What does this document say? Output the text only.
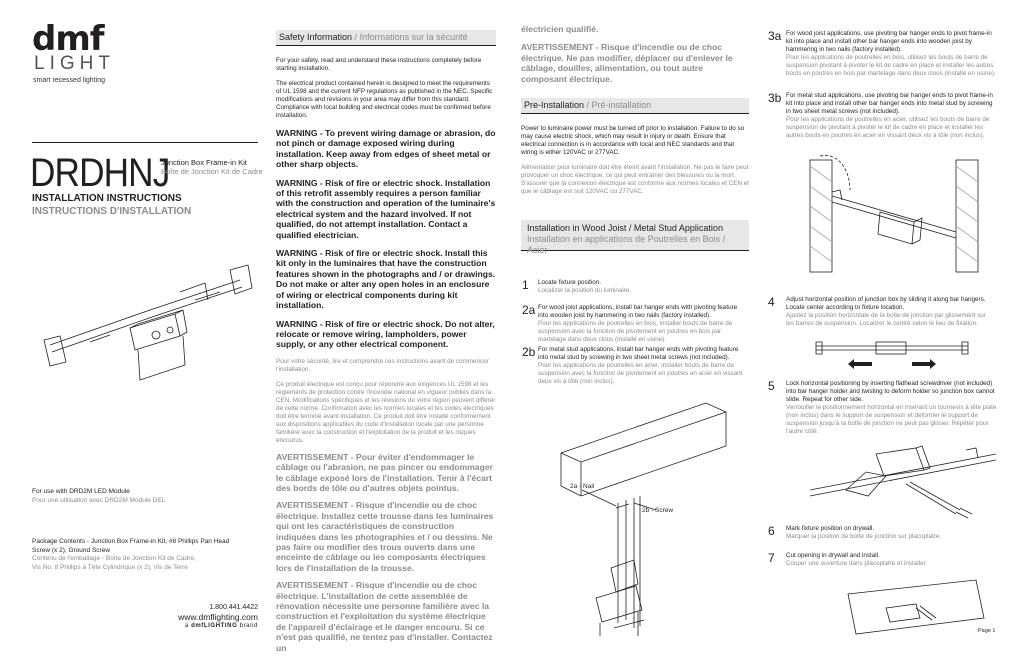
dmf
LIGHT
smart recessed lighting
DRDHNJ
Junction Box Frame-in Kit
Boîte de Jonction Kit de Cadre
INSTALLATION INSTRUCTIONS
INSTRUCTIONS D'INSTALLATION
For use with DRD2M LED Module
Pour une utilisation avec DRD2M Module DEL
Package Contents - Junction Box Frame-in Kit, #8 Phillips Pan Head
Screw (x 2), Ground Screw
Contenu de l'emballage - Boîte de Jonction Kit de Cadre,
Vis No. 8 Phillips à Tête Cylindrique (x 2), Vis de Terre
1.800.441.4422
www.dmflighting.com
a dmfLIGHTING brand
Safety Information / Informations sur la sécurité

For your safety, read and understand these instructions completely before starting installation.

The electrical product contained herein is designed to meet the requirements of UL 1598 and the current NFP regulations as published in the NEC. Specific modifications and revisions in your area may differ from this standard. Compliance with local building and electrical codes must be confirmed before installation.

WARNING - To prevent wiring damage or abrasion, do not pinch or damage exposed wiring during installation. Keep away from edges of sheet metal or other sharp objects.

WARNING - Risk of fire or electric shock. Installation of this retrofit assembly requires a person familiar with the construction and operation of the luminaire's electrical system and the hazard involved. If not qualified, do not attempt installation. Contact a qualified electrician.

WARNING - Risk of fire or electric shock. Install this kit only in the luminaires that have the construction features shown in the photographs and / or drawings. Do not make or alter any open holes in an enclosure of wiring or electrical components during kit installation.

WARNING - Risk of fire or electric shock. Do not alter, relocate or remove wiring, lampholders, power supply, or any other electrical component.

Pour votre sécurité, lire et comprendre ces instructions avant de commencer l'installation.

Ce produit électrique est conçu pour répondre aux exigences UL 1598 et les règlements de protection contre l'incendie national en vigueur publiés dans la CEN. Modifications spécifiques et les révisions de votre région peuvent différer de cette norme. Confirmation avec les normes locales et les codes électriques doit être terminé avant installation. Ce produit doit être installé conformément aux dispositions applicables du code d'installation locale par une personne familière avec la construction et l'exploitation de la produit et les risques encourus.

AVERTISSEMENT - Pour éviter d'endommager le câblage ou l'abrasion, ne pas pincer ou endommager le câblage exposé lors de l'installation. Tenir à l'écart des bords de tôle ou d'autres objets pointus.

AVERTISSEMENT - Risque d'incendie ou de choc électrique. Installez cette trousse dans les luminaires qui ont les caractéristiques de construction indiquées dans les photographies et / ou dessins. Ne pas faire ou modifier des trous ouverts dans une enceinte de câblage ou les composants électriques lors de l'installation de la trousse.

AVERTISSEMENT - Risque d'incendie ou de choc électrique. L'installation de cette assemblée de rénovation nécessite une personne familière avec la construction et l'exploitation du système électrique de l'appareil d'éclairage et le danger encouru. Si ce n'est pas qualifié, ne tentez pas d'installer. Contactez un

électricien qualifié.

AVERTISSEMENT - Risque d'incendie ou de choc électrique. Ne pas modifier, déplacer ou d'enlever le câblage, douilles, alimentation, ou tout autre composant électrique.

Pre-Installation / Pré-installation

Power to luminaire power must be turned off prior to installation. Failure to do so may cause electric shock, which may result in injury or death. Ensure that electrical connection is in accordance with local and NEC standards and that wiring is either 120VAC or 277VAC.

Alimentation pour luminaire doit être éteint avant l'installation. Ne pas le faire peut provoquer un choc électrique, ce qui peut entraîner des blessures ou la mort. S'assurer que la connexion électrique est conforme aux normes locales et CEN et que le câblage est soit 120VAC ou 277VAC.

Installation in Wood Joist / Metal Stud Application
Installation en applications de Poutrelles en Bois / Acier
1 Locate fixture position.
Localizer la position du luminaire.
2a For wood joist applications, install bar hanger ends with pivoting feature into wooden joist by hammering in two nails (factory installed).
Pour les applications de poutrelles en bois, installer bouts de barre de suspension avec la fonction de pivotement en poutres en bois par martelage dans deux clous (installé en usine).
2b For metal stud applications, install bar hanger ends with pivoting feature into metal stud by screwing in two sheet metal screws (not included).
Pour les applications de poutrelles en acier, installer bouts de barre de suspension avec la fonction de pivotement en poutres en acier en vissant deux vis à tôle (non inclus).
2a - Nail
2b - Screw
3a For wood joist applications, use pivoting bar hanger ends to pivot frame-in kit into place and install other bar hanger ends into wooden joist by hammering in two nails (factory installed).
Pour les applications de poutrelles en bois, utilisez les bouts de barre de suspension pivotant à pivoter le kit de cadre en place et installer les autres bouts en poutres en bois par martelage dans deux clous (installé en usine).
3b For metal stud applications, use pivoting bar hanger ends to pivot frame-in kit into place and install other bar hanger ends into metal stud by screwing in two sheet metal screws (not included).
Pour les applications de poutrelles en acier, utilisez les bouts de barre de suspension de pivotant à pivoter le kit de cadre en place et installer les autres bouts en poutres en acier en vissant deux vis à tôle (non inclus).
4 Adjust horizontal position of junction box by sliding it along bar hangers. Locate center according to fixture location.
Ajustez la position horizontale de la boîte de jonction par glissement sur les barres de suspension. Localizer le centre selon le lieu de fixation.
5 Lock horizontal positioning by inserting flathead screwdriver (not included) into bar hanger holder and twisting to deform holder so junction box cannot slide. Repeat for other side.
Verrouiller le positionnement horizontal en insérant un tournevis à tête plate (non inclus) dans le support de suspension et déformer le support de suspension jusqu'à la boîte de jonction ne peut pas glisser. Répéter pour l'autre côté.
6 Mark fixture position on drywall.
Marquer la position de boîte de jonction sur placoplatre.
7 Cut opening in drywall and install.
Couper une ouverture dans placoplatre et installer.
Page 1
